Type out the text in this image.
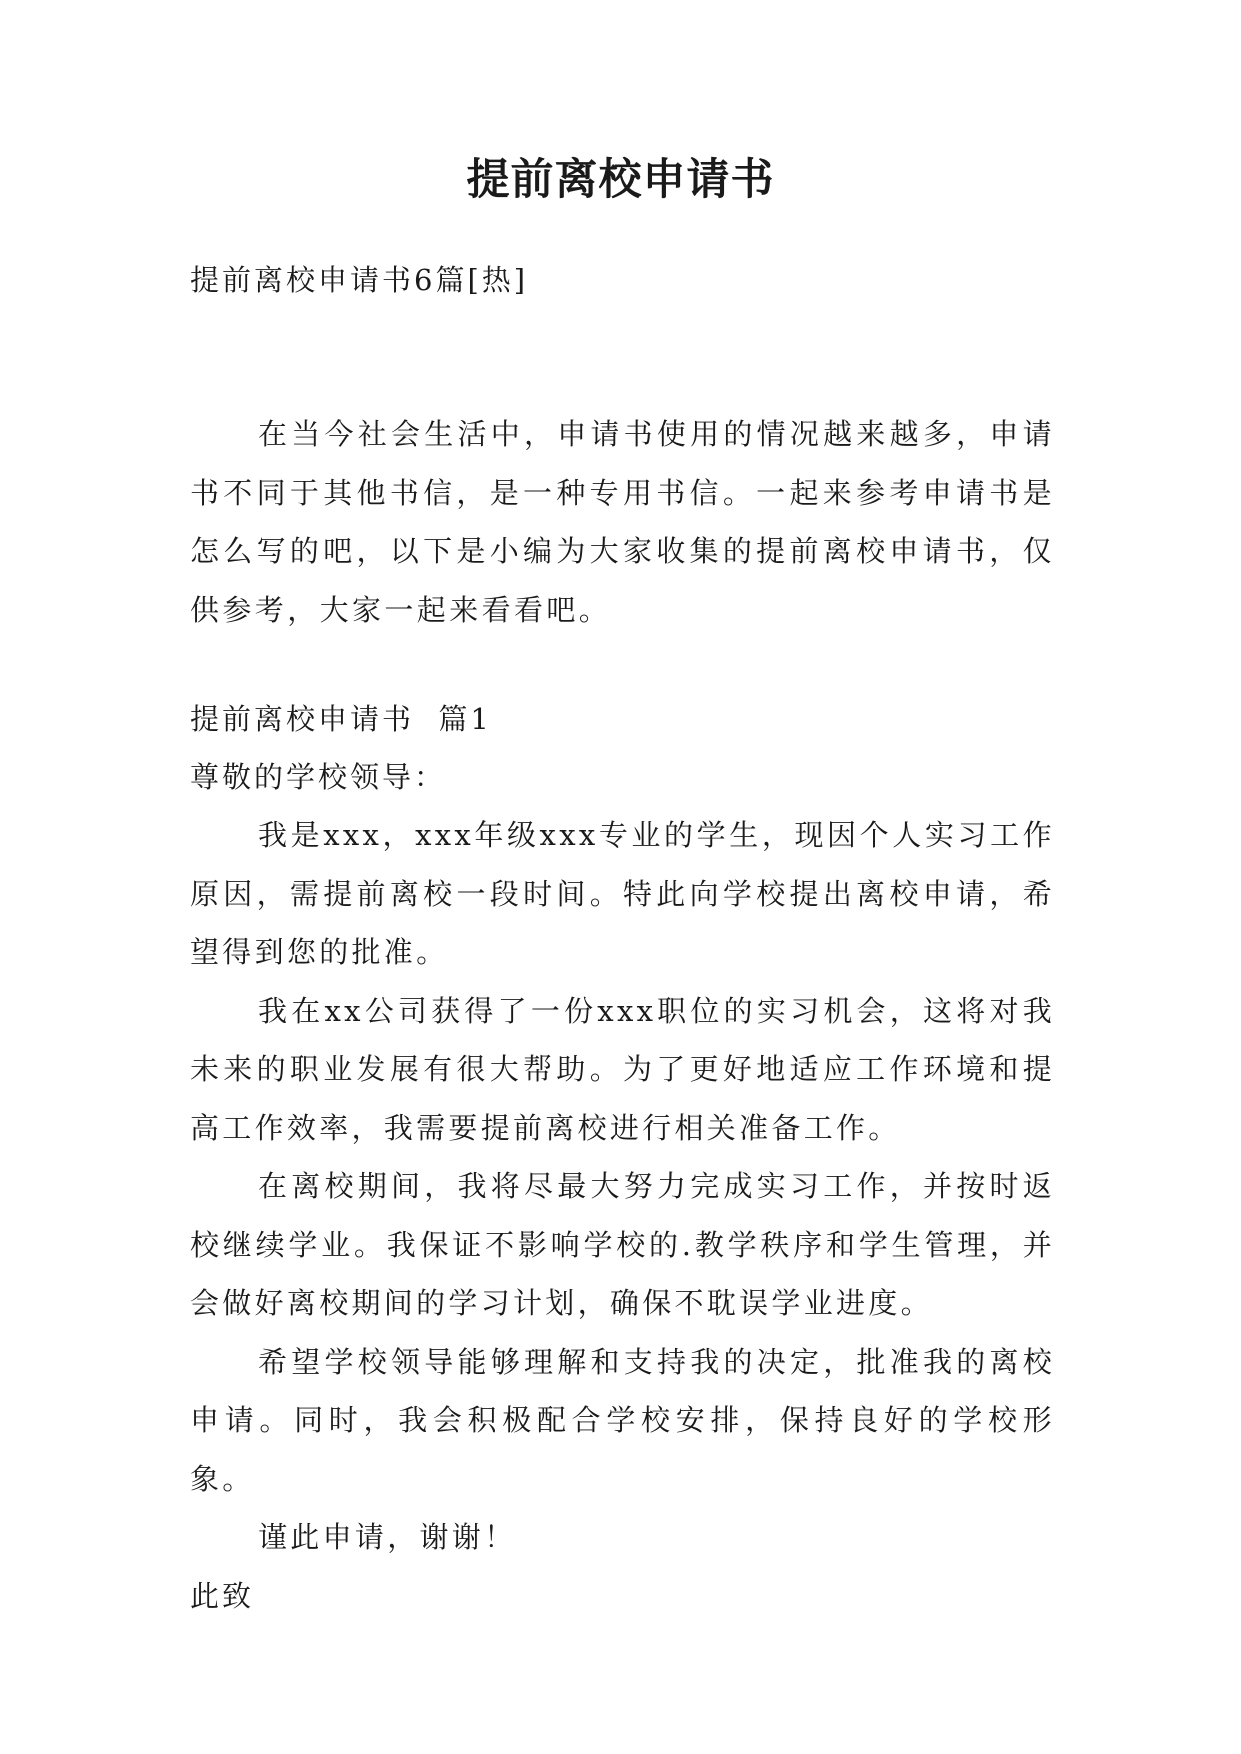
提前离校申请书

提前离校申请书6篇[热]

在当今社会生活中，申请书使用的情况越来越多，申请书不同于其他书信，是一种专用书信。一起来参考申请书是怎么写的吧，以下是小编为大家收集的提前离校申请书，仅供参考，大家一起来看看吧。

提前离校申请书  篇1

尊敬的学校领导：

我是xxx，xxx年级xxx专业的学生，现因个人实习工作原因，需提前离校一段时间。特此向学校提出离校申请，希望得到您的批准。

我在xx公司获得了一份xxx职位的实习机会，这将对我未来的职业发展有很大帮助。为了更好地适应工作环境和提高工作效率，我需要提前离校进行相关准备工作。

在离校期间，我将尽最大努力完成实习工作，并按时返校继续学业。我保证不影响学校的.教学秩序和学生管理，并会做好离校期间的学习计划，确保不耽误学业进度。

希望学校领导能够理解和支持我的决定，批准我的离校申请。同时，我会积极配合学校安排，保持良好的学校形象。

谨此申请，谢谢！

此致
